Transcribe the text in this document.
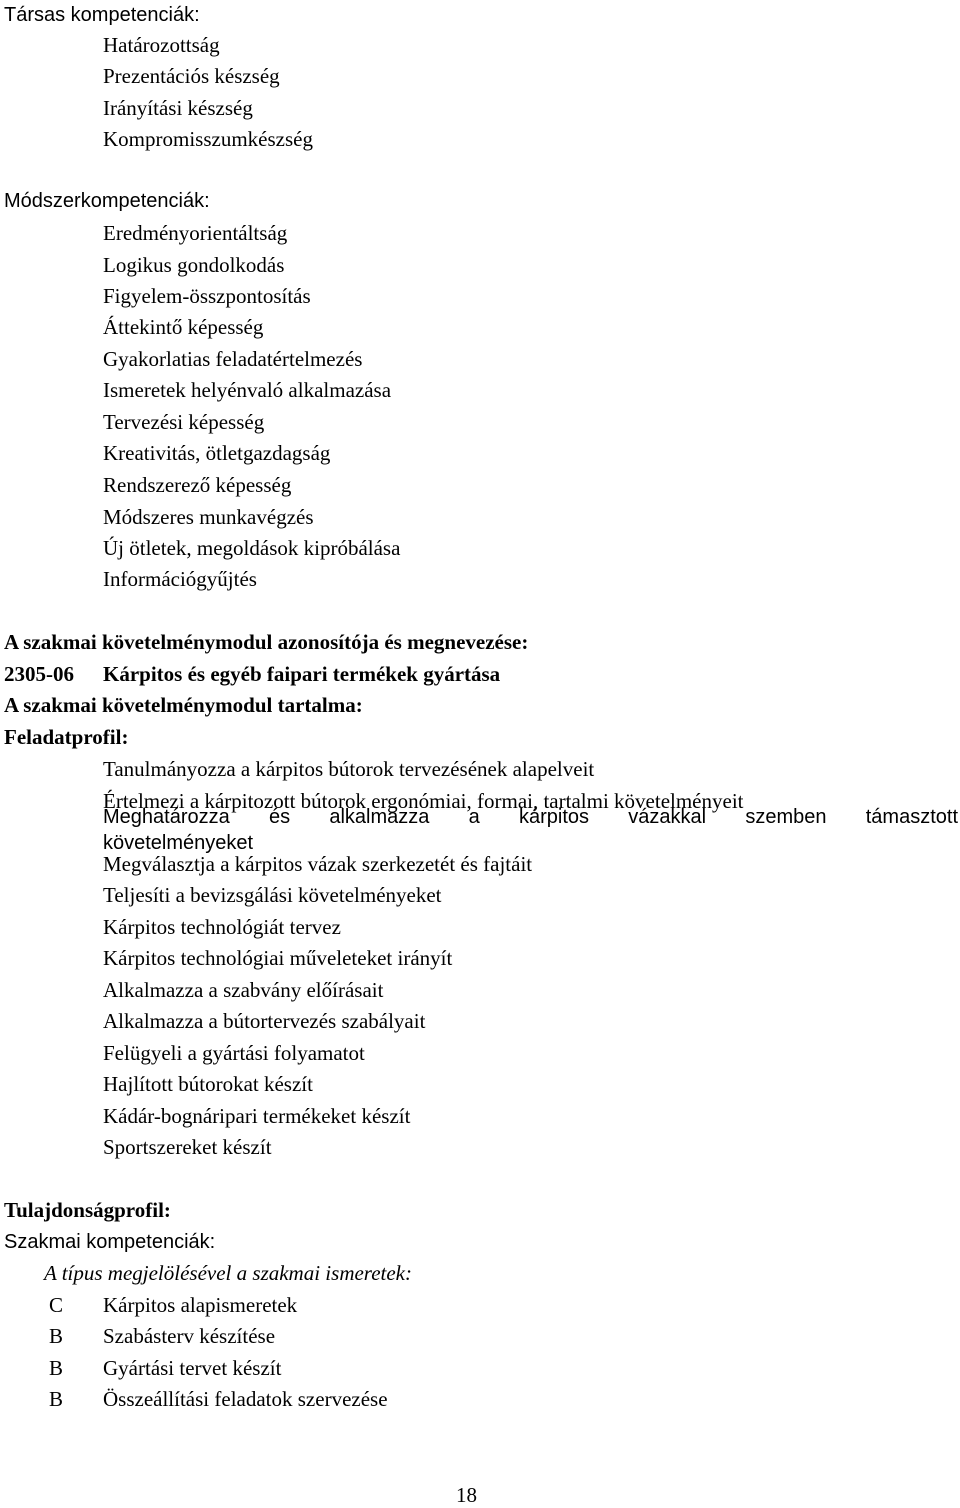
Társas kompetenciák:
Határozottság
Prezentációs készség
Irányítási készség
Kompromisszumkészség
Módszerkompetenciák:
Eredményorientáltság
Logikus gondolkodás
Figyelem-összpontosítás
Áttekintő képesség
Gyakorlatias feladatértelmezés
Ismeretek helyénvaló alkalmazása
Tervezési képesség
Kreativitás, ötletgazdagság
Rendszerező képesség
Módszeres munkavégzés
Új ötletek, megoldások kipróbálása
Információgyűjtés
A szakmai követelménymodul azonosítója és megnevezése:
2305-06 Kárpitos és egyéb faipari termékek gyártása
A szakmai követelménymodul tartalma:
Feladatprofil:
Tanulmányozza a kárpitos bútorok tervezésének alapelveit
Értelmezi a kárpitozott bútorok ergonómiai, formai, tartalmi követelményeit
Meghatározza és alkalmazza a kárpitos vázakkal szemben támasztott
követelményeket
Megválasztja a kárpitos vázak szerkezetét és fajtáit
Teljesíti a bevizsgálási követelményeket
Kárpitos technológiát tervez
Kárpitos technológiai műveleteket irányít
Alkalmazza a szabvány előírásait
Alkalmazza a bútortervezés szabályait
Felügyeli a gyártási folyamatot
Hajlított bútorokat készít
Kádár-bognáripari termékeket készít
Sportszereket készít
Tulajdonságprofil:
Szakmai kompetenciák:
A típus megjelölésével a szakmai ismeretek:
C Kárpitos alapismeretek
B Szabásterv készítése
B Gyártási tervet készít
B Összeállítási feladatok szervezése
18
